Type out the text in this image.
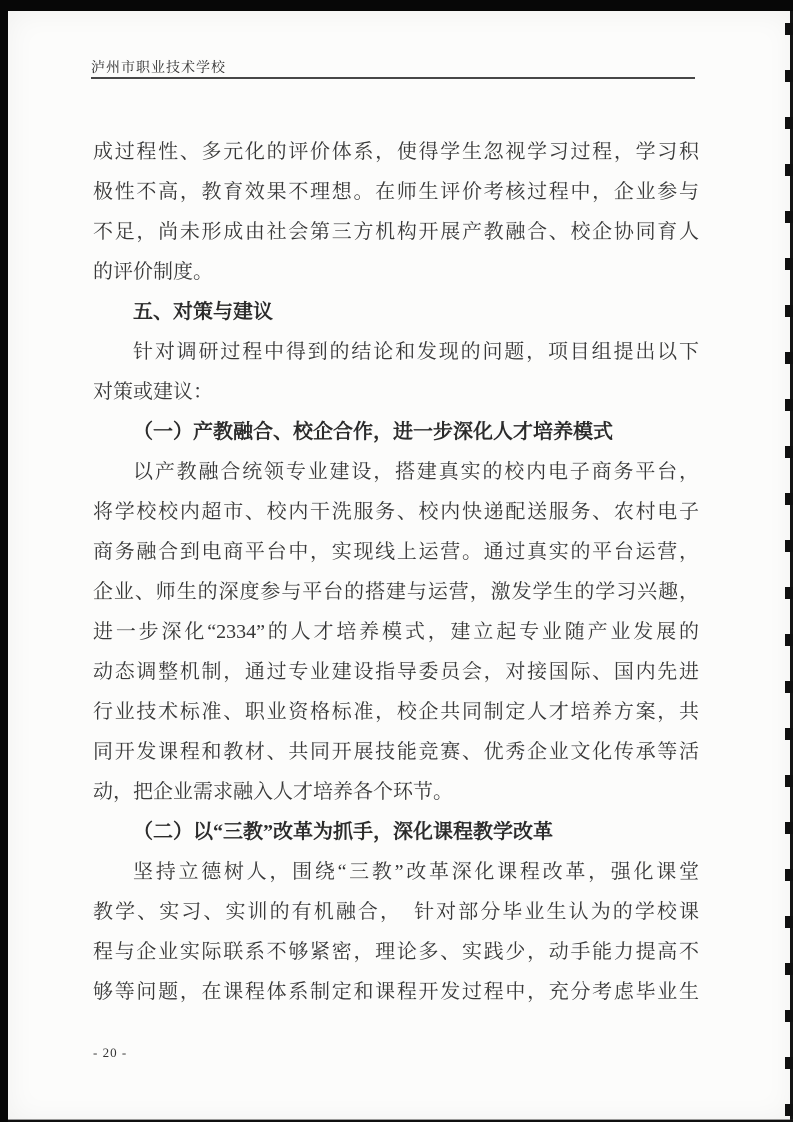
泸州市职业技术学校
成过程性、多元化的评价体系，使得学生忽视学习过程，学习积
极性不高，教育效果不理想。在师生评价考核过程中，企业参与
不足，尚未形成由社会第三方机构开展产教融合、校企协同育人
的评价制度。
五、对策与建议
针对调研过程中得到的结论和发现的问题，项目组提出以下
对策或建议：
（一）产教融合、校企合作，进一步深化人才培养模式
以产教融合统领专业建设，搭建真实的校内电子商务平台，
将学校校内超市、校内干洗服务、校内快递配送服务、农村电子
商务融合到电商平台中，实现线上运营。通过真实的平台运营，
企业、师生的深度参与平台的搭建与运营，激发学生的学习兴趣，
进一步深化“2334”的人才培养模式，建立起专业随产业发展的
动态调整机制，通过专业建设指导委员会，对接国际、国内先进
行业技术标准、职业资格标准，校企共同制定人才培养方案，共
同开发课程和教材、共同开展技能竞赛、优秀企业文化传承等活
动，把企业需求融入人才培养各个环节。
（二）以“三教”改革为抓手，深化课程教学改革
坚持立德树人，围绕“三教”改革深化课程改革，强化课堂
教学、实习、实训的有机融合，　针对部分毕业生认为的学校课
程与企业实际联系不够紧密，理论多、实践少，动手能力提高不
够等问题，在课程体系制定和课程开发过程中，充分考虑毕业生
- 20 -
